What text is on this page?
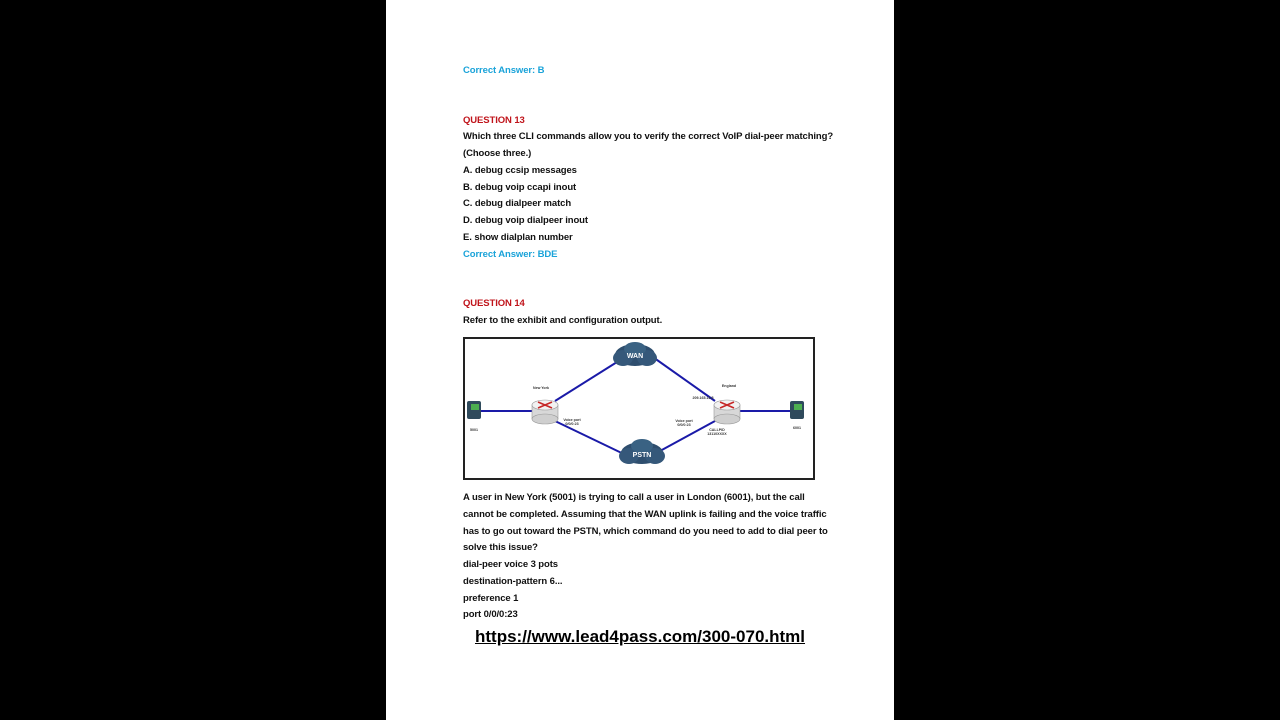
Correct Answer: B
QUESTION 13
Which three CLI commands allow you to verify the correct VoIP dial-peer matching?
(Choose three.)
A. debug ccsip messages
B. debug voip ccapi inout
C. debug dialpeer match
D. debug voip dialpeer inout
E. show dialplan number
Correct Answer: BDE
QUESTION 14
Refer to the exhibit and configuration output.
WAN
PSTN
New York
5001
Voice port
0/0/0:23
England
209.165.13.5
Voice port
0/0/0:23
CALLPID
13110XXXX
6001
A user in New York (5001) is trying to call a user in London (6001), but the call
cannot be completed. Assuming that the WAN uplink is failing and the voice traffic
has to go out toward the PSTN, which command do you need to add to dial peer to
solve this issue?
dial-peer voice 3 pots
destination-pattern 6...
preference 1
port 0/0/0:23
https://www.lead4pass.com/300-070.html
